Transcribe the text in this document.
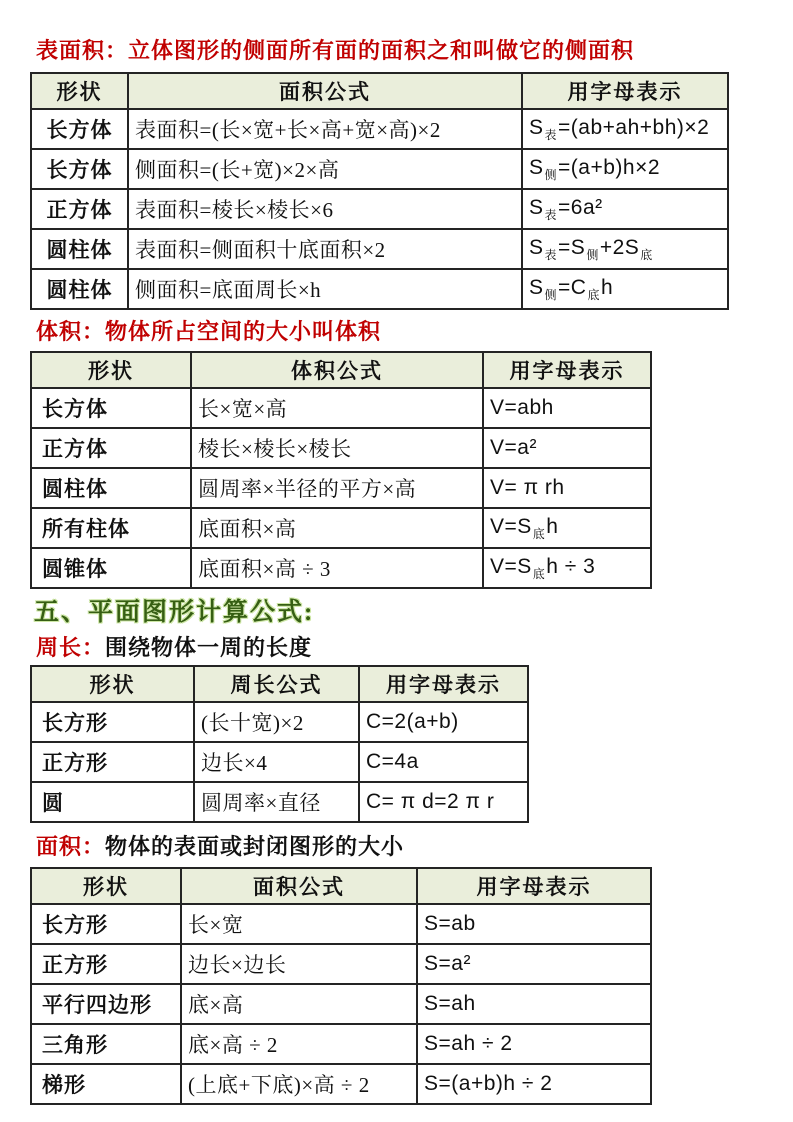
表面积：立体图形的侧面所有面的面积之和叫做它的侧面积

形状	面积公式	用字母表示
长方体	表面积=(长×宽+长×高+宽×高)×2	$S_表=(ab+ah+bh)\times 2$
长方体	侧面积=(长+宽)×2×高	$S_侧=(a+b)h\times 2$
正方体	表面积=棱长×棱长×6	$S_表=6a^2$
圆柱体	表面积=侧面积十底面积×2	$S_表=S_侧+2S_底$
圆柱体	侧面积=底面周长×h	$S_侧=C_底h$

体积：物体所占空间的大小叫体积

形状	体积公式	用字母表示
长方体	长×宽×高	V=abh
正方体	棱长×棱长×棱长	V=a²
圆柱体	圆周率×半径的平方×高	V= π rh
所有柱体	底面积×高	$V=S_底h$
圆锥体	底面积×高 ÷ 3	$V=S_底h \div 3$

五、平面图形计算公式:

周长：围绕物体一周的长度

形状	周长公式	用字母表示
长方形	(长十宽)×2	C=2(a+b)
正方形	边长×4	C=4a
圆	圆周率×直径	C= π d=2 π r

面积：物体的表面或封闭图形的大小

形状	面积公式	用字母表示
长方形	长×宽	S=ab
正方形	边长×边长	S=a²
平行四边形	底×高	S=ah
三角形	底×高 ÷ 2	S=ah ÷ 2
梯形	(上底+下底)×高 ÷ 2	S=(a+b)h ÷ 2
